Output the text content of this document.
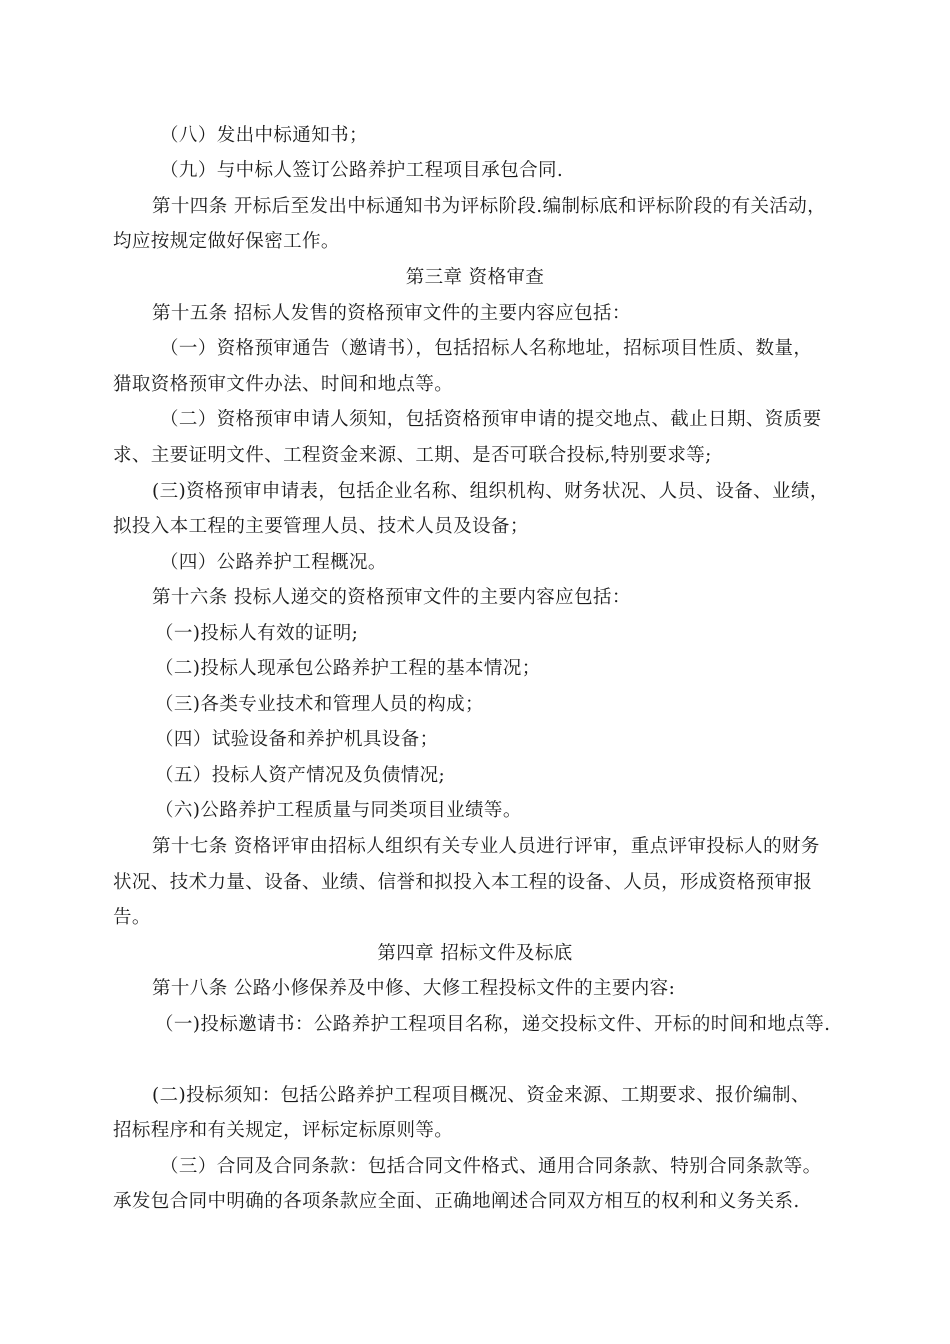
（八）发出中标通知书；
（九）与中标人签订公路养护工程项目承包合同.
第十四条 开标后至发出中标通知书为评标阶段.编制标底和评标阶段的有关活动，
均应按规定做好保密工作。
第三章 资格审查
第十五条 招标人发售的资格预审文件的主要内容应包括：
（一）资格预审通告（邀请书），包括招标人名称地址，招标项目性质、数量，
猎取资格预审文件办法、时间和地点等。
（二）资格预审申请人须知，包括资格预审申请的提交地点、截止日期、资质要
求、主要证明文件、工程资金来源、工期、是否可联合投标,特别要求等;
(三)资格预审申请表，包括企业名称、组织机构、财务状况、人员、设备、业绩，
拟投入本工程的主要管理人员、技术人员及设备；
（四）公路养护工程概况。
第十六条 投标人递交的资格预审文件的主要内容应包括：
（一)投标人有效的证明;
（二)投标人现承包公路养护工程的基本情况；
（三)各类专业技术和管理人员的构成；
（四）试验设备和养护机具设备；
（五）投标人资产情况及负债情况;
（六)公路养护工程质量与同类项目业绩等。
第十七条 资格评审由招标人组织有关专业人员进行评审，重点评审投标人的财务
状况、技术力量、设备、业绩、信誉和拟投入本工程的设备、人员，形成资格预审报
告。
第四章 招标文件及标底
第十八条 公路小修保养及中修、大修工程投标文件的主要内容:
（一)投标邀请书：公路养护工程项目名称，递交投标文件、开标的时间和地点等.
(二)投标须知：包括公路养护工程项目概况、资金来源、工期要求、报价编制、
招标程序和有关规定，评标定标原则等。
（三）合同及合同条款：包括合同文件格式、通用合同条款、特别合同条款等。
承发包合同中明确的各项条款应全面、正确地阐述合同双方相互的权利和义务关系.
